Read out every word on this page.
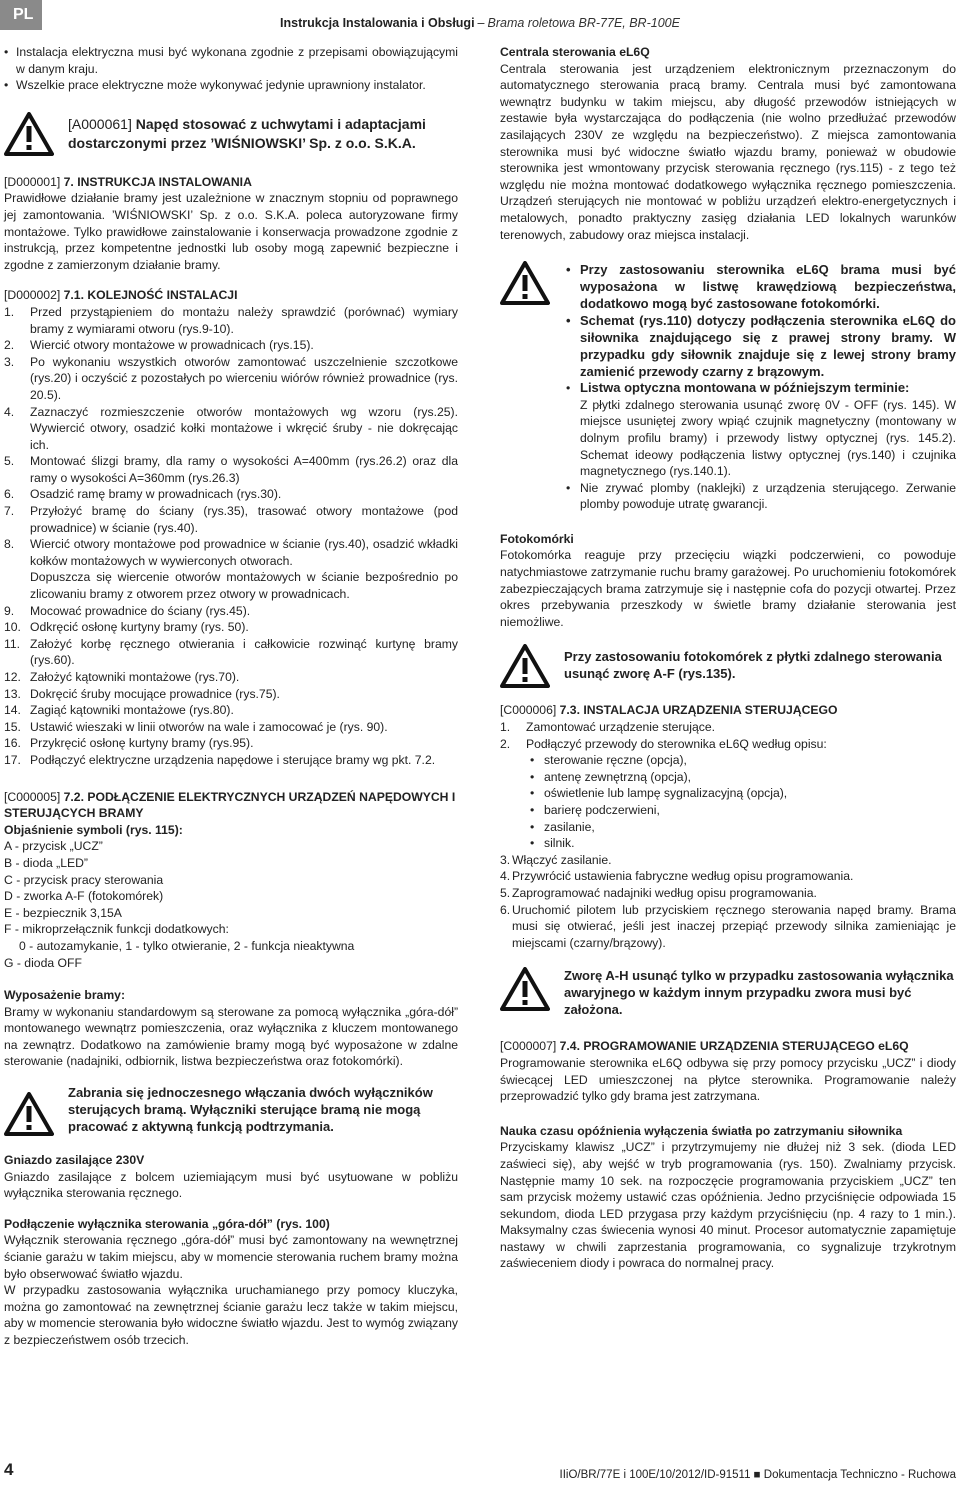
PL	Instrukcja Instalowania i Obsługi – Brama roletowa BR-77E, BR-100E
• Instalacja elektryczna musi być wykonana zgodnie z przepisami obowiązującymi w danym kraju.
• Wszelkie prace elektryczne może wykonywać jedynie uprawniony instalator.
[A000061] Napęd stosować z uchwytami i adaptacjami dostarczonymi przez ’WIŚNIOWSKI’ Sp. z o.o. S.K.A.
[D000001] 7. INSTRUKCJA INSTALOWANIA

Prawidłowe działanie bramy jest uzależnione w znacznym stopniu od poprawnego jej zamontowania. ’WIŚNIOWSKI’ Sp. z o.o. S.K.A. poleca autoryzowane firmy montażowe. Tylko prawidłowe zainstalowanie i konserwacja prowadzone zgodnie z instrukcją, przez kompetentne jednostki lub osoby mogą zapewnić bezpieczne i zgodne z zamierzonym działanie bramy.

[D000002] 7.1. KOLEJNOŚĆ INSTALACJI
1. Przed przystąpieniem do montażu należy sprawdzić (porównać) wymiary bramy z wymiarami otworu (rys.9-10).
2. Wiercić otwory montażowe w prowadnicach (rys.15).
3. Po wykonaniu wszystkich otworów zamontować uszczelnienie szczotkowe (rys.20) i oczyścić z pozostałych po wierceniu wiórów również prowadnice (rys. 20.5).
4. Zaznaczyć rozmieszczenie otworów montażowych wg wzoru (rys.25). Wywiercić otwory, osadzić kołki montażowe i wkręcić śruby - nie dokręcając ich.
5. Montować ślizgi bramy, dla ramy o wysokości A=400mm (rys.26.2) oraz dla ramy o wysokości A=360mm (rys.26.3)
6. Osadzić ramę bramy w prowadnicach (rys.30).
7. Przyłożyć bramę do ściany (rys.35), trasować otwory montażowe (pod prowadnice) w ścianie (rys.40).
8. Wiercić otwory montażowe pod prowadnice w ścianie (rys.40), osadzić wkładki kołków montażowych w wywierconych otworach.
Dopuszcza się wiercenie otworów montażowych w ścianie bezpośrednio po zlicowaniu bramy z otworem przez otwory w prowadnicach.
9. Mocować prowadnice do ściany (rys.45).
10. Odkręcić osłonę kurtyny bramy (rys. 50).
11. Założyć korbę ręcznego otwierania i całkowicie rozwinąć kurtynę bramy (rys.60).
12. Założyć kątowniki montażowe (rys.70).
13. Dokręcić śruby mocujące prowadnice (rys.75).
14. Zagiąć kątowniki montażowe (rys.80).
15. Ustawić wieszaki w linii otworów na wale i zamocować je (rys. 90).
16. Przykręcić osłonę kurtyny bramy (rys.95).
17. Podłączyć elektryczne urządzenia napędowe i sterujące bramy wg pkt. 7.2.
[C000005] 7.2. PODŁĄCZENIE ELEKTRYCZNYCH URZĄDZEŃ NAPĘDOWYCH I STERUJĄCYCH BRAMY
Objaśnienie symboli (rys. 115):
A - przycisk „UCZ”
B - dioda „LED”
C - przycisk pracy sterowania
D - zworka A-F (fotokomórek)
E - bezpiecznik 3,15A
F - mikroprzełącznik funkcji dodatkowych:
0 - autozamykanie, 1 - tylko otwieranie, 2 - funkcja nieaktywna
G - dioda OFF
Wyposażenie bramy:

Bramy w wykonaniu standardowym są sterowane za pomocą wyłącznika „góra-dół” montowanego wewnątrz pomieszczenia, oraz wyłącznika z kluczem montowanego na zewnątrz. Dodatkowo na zamówienie bramy mogą być wyposażone w zdalne sterowanie (nadajniki, odbiornik, listwa bezpieczeństwa oraz fotokomórki).

Zabrania się jednoczesnego włączania dwóch wyłączników sterujących bramą. Wyłączniki sterujące bramą nie mogą pracować z aktywną funkcją podtrzymania.
Gniazdo zasilające 230V

Gniazdo zasilające z bolcem uziemiającym musi być usytuowane w pobliżu wyłącznika sterowania ręcznego.

Podłączenie wyłącznika sterowania „góra-dół” (rys. 100)

Wyłącznik sterowania ręcznego „góra-dół” musi być zamontowany na wewnętrznej ścianie garażu w takim miejscu, aby w momencie sterowania ruchem bramy można było obserwować światło wjazdu.

W przypadku zastosowania wyłącznika uruchamianego przy pomocy kluczyka, można go zamontować na zewnętrznej ścianie garażu lecz także w takim miejscu, aby w momencie sterowania było widoczne światło wjazdu. Jest to wymóg związany z bezpieczeństwem osób trzecich.

Centrala sterowania eL6Q

Centrala sterowania jest urządzeniem elektronicznym przeznaczonym do automatycznego sterowania pracą bramy. Centrala musi być zamontowana wewnątrz budynku w takim miejscu, aby długość przewodów istniejących w zestawie była wystarczająca do podłączenia (nie wolno przedłużać przewodów zasilających 230V ze względu na bezpieczeństwo). Z miejsca zamontowania sterownika musi być widoczne światło wjazdu bramy, ponieważ w obudowie sterownika jest wmontowany przycisk sterowania ręcznego (rys.115) - z tego też względu nie można montować dodatkowego wyłącznika ręcznego pomieszczenia. Urządzeń sterujących nie montować w pobliżu urządzeń elektro-energetycznych i metalowych, ponadto praktyczny zasięg działania LED lokalnych warunków terenowych, zabudowy oraz miejsca instalacji.

• Przy zastosowaniu sterownika eL6Q brama musi być wyposażona w listwę krawędziową bezpieczeństwa, dodatkowo mogą być zastosowane fotokomórki.
• Schemat (rys.110) dotyczy podłączenia sterownika eL6Q do siłownika znajdującego się z prawej strony bramy. W przypadku gdy siłownik znajduje się z lewej strony bramy zamienić przewody czarny z brązowym.
• Listwa optyczna montowana w późniejszym terminie:
Z płytki zdalnego sterowania usunąć zworę 0V - OFF (rys. 145). W miejsce usuniętej zwory wpiąć czujnik magnetyczny (montowany w dolnym profilu bramy) i przewody listwy optycznej (rys. 145.2). Schemat ideowy podłączenia listwy optycznej (rys.140) i czujnika magnetycznego (rys.140.1).
• Nie zrywać plomby (naklejki) z urządzenia sterującego. Zerwanie plomby powoduje utratę gwarancji.
Fotokomórki

Fotokomórka reaguje przy przecięciu wiązki podczerwieni, co powoduje natychmiastowe zatrzymanie ruchu bramy garażowej. Po uruchomieniu fotokomórek zabezpieczających brama zatrzymuje się i następnie cofa do pozycji otwartej. Przez okres przebywania przeszkody w świetle bramy działanie sterowania jest niemożliwe.

Przy zastosowaniu fotokomórek z płytki zdalnego sterowania usunąć zworę A-F (rys.135).
[C000006] 7.3. INSTALACJA URZĄDZENIA STERUJĄCEGO
1. Zamontować urządzenie sterujące.
2. Podłączyć przewody do sterownika eL6Q według opisu:
• sterowanie ręczne (opcja),
• antenę zewnętrzną (opcja),
• oświetlenie lub lampę sygnalizacyjną (opcja),
• barierę podczerwieni,
• zasilanie,
• silnik.
3. Włączyć zasilanie.
4. Przywrócić ustawienia fabryczne według opisu programowania.
5. Zaprogramować nadajniki według opisu programowania.
6. Uruchomić pilotem lub przyciskiem ręcznego sterowania napęd bramy. Brama musi się otwierać, jeśli jest inaczej przepiąć przewody silnika zamieniając je miejscami (czarny/brązowy).
Zworę A-H usunąć tylko w przypadku zastosowania wyłącznika awaryjnego w każdym innym przypadku zwora musi być założona.
[C000007] 7.4. PROGRAMOWANIE URZĄDZENIA STERUJĄCEGO eL6Q

Programowanie sterownika eL6Q odbywa się przy pomocy przycisku „UCZ” i diody świecącej LED umieszczonej na płytce sterownika. Programowanie należy przeprowadzić tylko gdy brama jest zatrzymana.

Nauka czasu opóźnienia wyłączenia światła po zatrzymaniu siłownika

Przyciskamy klawisz „UCZ” i przytrzymujemy nie dłużej niż 3 sek. (dioda LED zaświeci się), aby wejść w tryb programowania (rys. 150). Zwalniamy przycisk. Następnie mamy 10 sek. na rozpoczęcie programowania przyciskiem „UCZ” ten sam przycisk możemy ustawić czas opóźnienia. Jedno przyciśnięcie odpowiada 15 sekundom, dioda LED przygasa przy każdym przyciśnięciu (np. 4 razy to 1 min.). Maksymalny czas świecenia wynosi 40 minut. Procesor automatycznie zapamiętuje nastawy w chwili zaprzestania programowania, co sygnalizuje trzykrotnym zaświeceniem diody i powraca do normalnej pracy.

4	IIiO/BR/77E i 100E/10/2012/ID-91511 ■ Dokumentacja Techniczno - Ruchowa
